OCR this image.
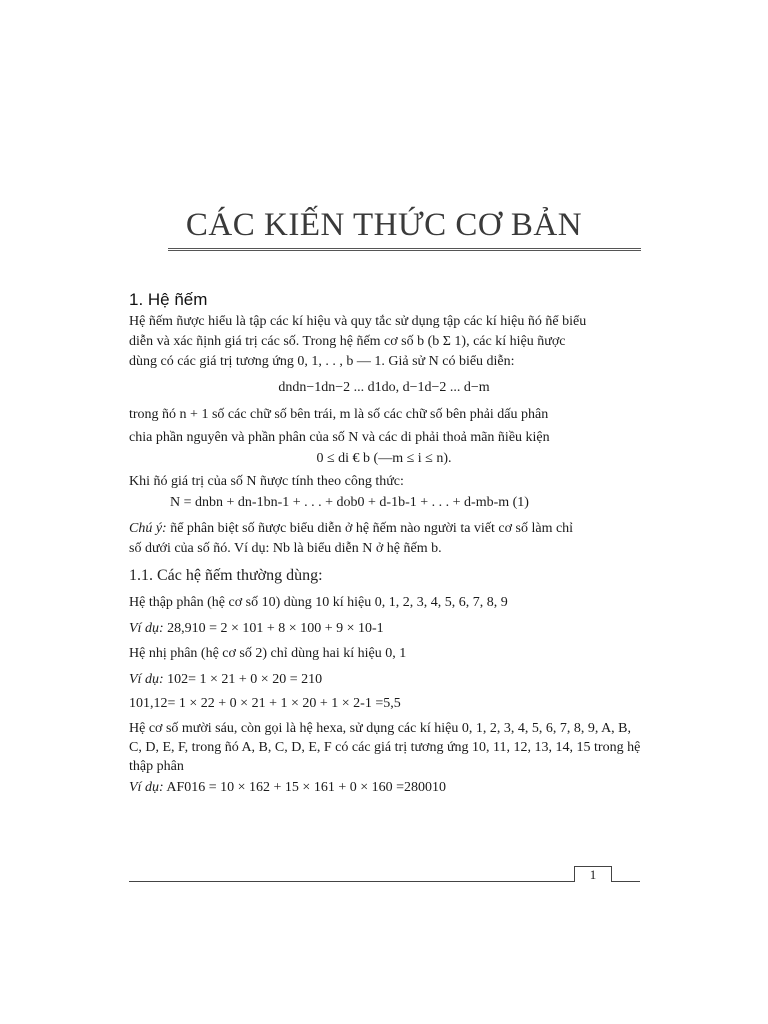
CÁC KIẾN THỨC CƠ BẢN
1. Hệ ñếm
Hệ ñếm ñược hiểu là tập các kí hiệu và quy tắc sử dụng tập các kí hiệu ñó ñể biểu
diễn và xác ñịnh giá trị các số. Trong hệ ñếm cơ số b (b Σ 1), các kí hiệu ñược
dùng có các giá trị tương ứng 0, 1, . . , b — 1. Giả sử N có biểu diễn:
dndn−1dn−2 ... d1do, d−1d−2 ... d−m
trong ñó n + 1 số các chữ số bên trái, m là số các chữ số bên phải dấu phân
chia phần nguyên và phần phân của số N và các di phải thoả mãn ñiều kiện
0 ≤ di € b (—m ≤ i ≤ n).
Khi ñó giá trị của số N ñược tính theo công thức:
N = dnbn + dn-1bn-1 + . . . + dob0 + d-1b-1 + . . . + d-mb-m (1)
Chú ý: ñể phân biệt số ñược biểu diễn ở hệ ñếm nào người ta viết cơ số làm chỉ
số dưới của số ñó. Ví dụ: Nb là biểu diễn N ở hệ ñếm b.
1.1. Các hệ ñếm thường dùng:
Hệ thập phân (hệ cơ số 10) dùng 10 kí hiệu 0, 1, 2, 3, 4, 5, 6, 7, 8, 9
Ví dụ: 28,910 = 2 × 101 + 8 × 100 + 9 × 10-1
Hệ nhị phân (hệ cơ số 2) chỉ dùng hai kí hiệu 0, 1
Ví dụ: 102= 1 × 21 + 0 × 20 = 210
101,12= 1 × 22 + 0 × 21 + 1 × 20 + 1 × 2-1 =5,5
Hệ cơ số mười sáu, còn gọi là hệ hexa, sử dụng các kí hiệu 0, 1, 2, 3, 4, 5, 6, 7, 8, 9, A, B, C, D, E, F, trong ñó A, B, C, D, E, F có các giá trị tương ứng 10, 11, 12, 13, 14, 15 trong hệ thập phân
Ví dụ: AF016 = 10 × 162 + 15 × 161 + 0 × 160 =280010
1
